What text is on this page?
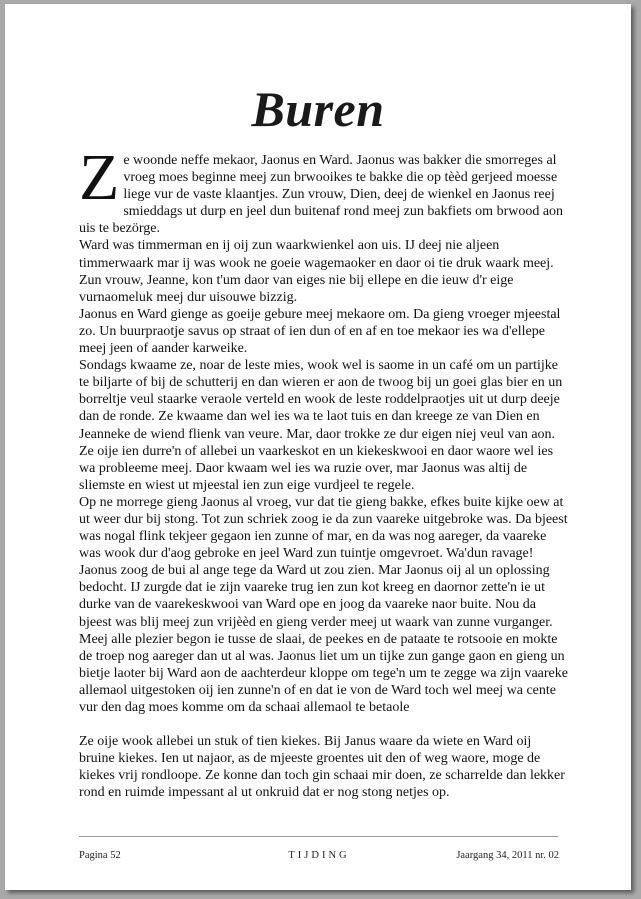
Buren

Ze woonde neffe mekaor, Jaonus en Ward. Jaonus was bakker die smorreges al vroeg moes beginne meej zun brwooikes te bakke die op tèèd gerjeed moesse liege vur de vaste klaantjes. Zun vrouw, Dien, deej de wienkel en Jaonus reej smieddags ut durp en jeel dun buitenaf rond meej zun bakfiets om brwood aon uis te bezörge.

Ward was timmerman en ij oij zun waarkwienkel aon uis. IJ deej nie aljeen timmerwaark mar ij was wook ne goeie wagemaoker en daor oi tie druk waark meej. Zun vrouw, Jeanne, kon t'um daor van eiges nie bij ellepe en die ieuw d'r eige vurnaomeluk meej dur uisouwe bizzig.

Jaonus en Ward gienge as goeije gebure meej mekaore om. Da gieng vroeger mjeestal zo. Un buurpraotje savus op straat of ien dun of en af en toe mekaor ies wa d'ellepe meej jeen of aander karweike.

Sondags kwaame ze, noar de leste mies, wook wel is saome in un café om un partijke te biljarte of bij de schutterij en dan wieren er aon de twoog bij un goei glas bier en un borreltje veul staarke veraole verteld en wook de leste roddelpraotjes uit ut durp deeje dan de ronde. Ze kwaame dan wel ies wa te laot tuis en dan kreege ze van Dien en Jeanneke de wiend flienk van veure. Mar, daor trokke ze dur eigen niej veul van aon.

Ze oije ien durre'n of allebei un vaarkeskot en un kiekeskwooi en daor waore wel ies wa probleeme meej. Daor kwaam wel ies wa ruzie over, mar Jaonus was altij de sliemste en wiest ut mjeestal ien zun eige vurdjeel te regele.

Op ne morrege gieng Jaonus al vroeg, vur dat tie gieng bakke, efkes buite kijke oew at ut weer dur bij stong. Tot zun schriek zoog ie da zun vaareke uitgebroke was. Da bjeest was nogal flink tekjeer gegaon ien zunne of mar, en da was nog aareger, da vaareke was wook dur d'aog gebroke en jeel Ward zun tuintje omgevroet. Wa'dun ravage! Jaonus zoog de bui al ange tege da Ward ut zou zien. Mar Jaonus oij al un oplossing bedocht. IJ zurgde dat ie zijn vaareke trug ien zun kot kreeg en daornor zette'n ie ut durke van de vaarekeskwooi van Ward ope en joog da vaareke naor buite. Nou da bjeest was blij meej zun vrijèèd en gieng verder meej ut waark van zunne vurganger. Meej alle plezier begon ie tusse de slaai, de peekes en de pataate te rotsooie en mokte de troep nog aareger dan ut al was. Jaonus liet um un tijke zun gange gaon en gieng un bietje laoter bij Ward aon de aachterdeur kloppe om tege'n um te zegge wa zijn vaareke allemaol uitgestoken oij ien zunne'n of en dat ie von de Ward toch wel meej wa cente vur den dag moes komme om da schaai allemaol te betaole

Ze oije wook allebei un stuk of tien kiekes. Bij Janus waare da wiete en Ward oij bruine kiekes. Ien ut najaor, as de mjeeste groentes uit den of weg waore, moge de kiekes vrij rondloope. Ze konne dan toch gin schaai mir doen, ze scharrelde dan lekker rond en ruimde impessant al ut onkruid dat er nog stong netjes op.

Pagina 52	TIJDING	Jaargang 34, 2011 nr. 02
